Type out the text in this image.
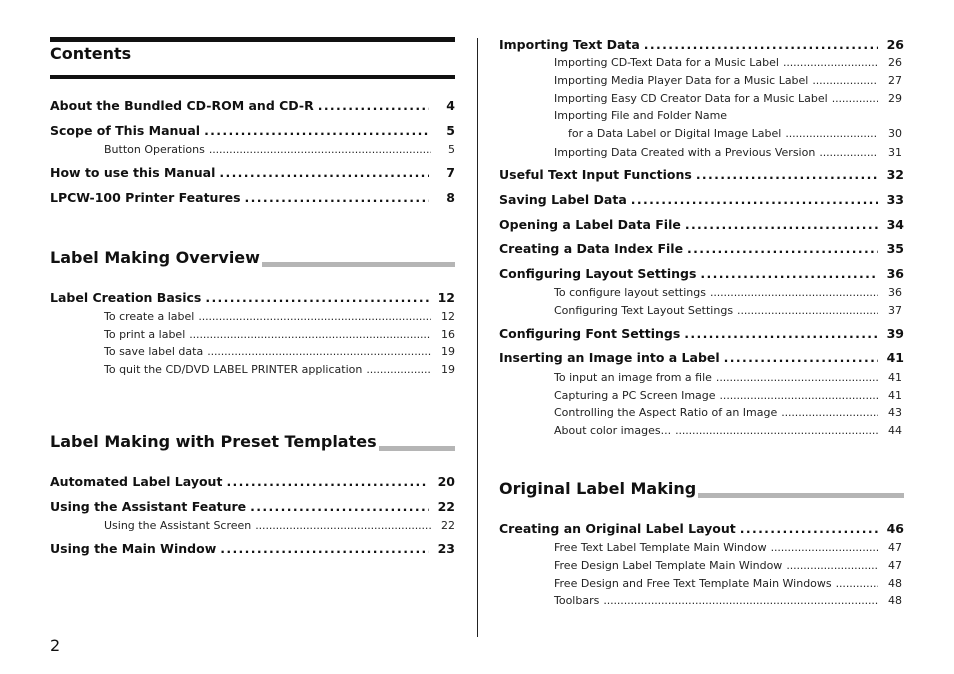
Contents
About the Bundled CD-ROM and CD-R . . .	4
Scope of This Manual . . .	5
Button Operations . . .	5
How to use this Manual . . .	7
LPCW-100 Printer Features . . .	8
Label Making Overview
Label Creation Basics . . .	12
To create a label . . .	12
To print a label . . .	16
To save label data . . .	19
To quit the CD/DVD LABEL PRINTER application . . .	19
Label Making with Preset Templates
Automated Label Layout . . .	20
Using the Assistant Feature . . .	22
Using the Assistant Screen . . .	22
Using the Main Window . . .	23
Importing Text Data . . .	26
Importing CD-Text Data for a Music Label . . .	26
Importing Media Player Data for a Music Label . . .	27
Importing Easy CD Creator Data for a Music Label . . .	29
Importing File and Folder Name
for a Data Label or Digital Image Label . . .	30
Importing Data Created with a Previous Version . . .	31
Useful Text Input Functions . . .	32
Saving Label Data . . .	33
Opening a Label Data File . . .	34
Creating a Data Index File . . .	35
Configuring Layout Settings . . .	36
To configure layout settings . . .	36
Configuring Text Layout Settings . . .	37
Configuring Font Settings . . .	39
Inserting an Image into a Label . . .	41
To input an image from a file . . .	41
Capturing a PC Screen Image . . .	41
Controlling the Aspect Ratio of an Image . . .	43
About color images... . . .	44
Original Label Making
Creating an Original Label Layout . . .	46
Free Text Label Template Main Window . . .	47
Free Design Label Template Main Window . . .	47
Free Design and Free Text Template Main Windows . . .	48
Toolbars . . .	48
2
